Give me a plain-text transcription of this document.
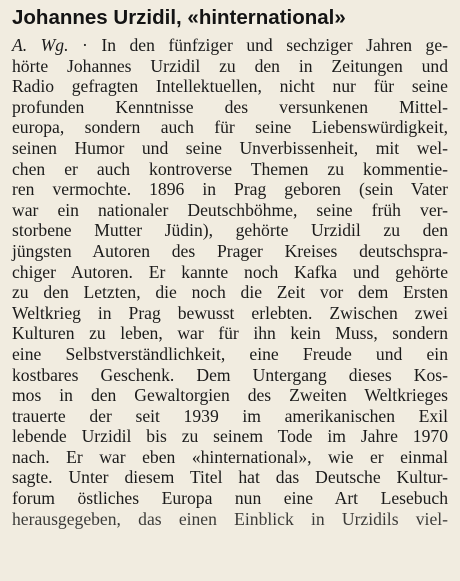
Johannes Urzidil, «hinternational»
A. Wg. · In den fünfziger und sechziger Jahren ge-
hörte Johannes Urzidil zu den in Zeitungen und
Radio gefragten Intellektuellen, nicht nur für seine
profunden Kenntnisse des versunkenen Mittel-
europa, sondern auch für seine Liebenswürdigkeit,
seinen Humor und seine Unverbissenheit, mit wel-
chen er auch kontroverse Themen zu kommentie-
ren vermochte. 1896 in Prag geboren (sein Vater
war ein nationaler Deutschböhme, seine früh ver-
storbene Mutter Jüdin), gehörte Urzidil zu den
jüngsten Autoren des Prager Kreises deutschspra-
chiger Autoren. Er kannte noch Kafka und gehörte
zu den Letzten, die noch die Zeit vor dem Ersten
Weltkrieg in Prag bewusst erlebten. Zwischen zwei
Kulturen zu leben, war für ihn kein Muss, sondern
eine Selbstverständlichkeit, eine Freude und ein
kostbares Geschenk. Dem Untergang dieses Kos-
mos in den Gewaltorgien des Zweiten Weltkrieges
trauerte der seit 1939 im amerikanischen Exil
lebende Urzidil bis zu seinem Tode im Jahre 1970
nach. Er war eben «hinternational», wie er einmal
sagte. Unter diesem Titel hat das Deutsche Kultur-
forum östliches Europa nun eine Art Lesebuch
herausgegeben, das einen Einblick in Urzidils viel-
